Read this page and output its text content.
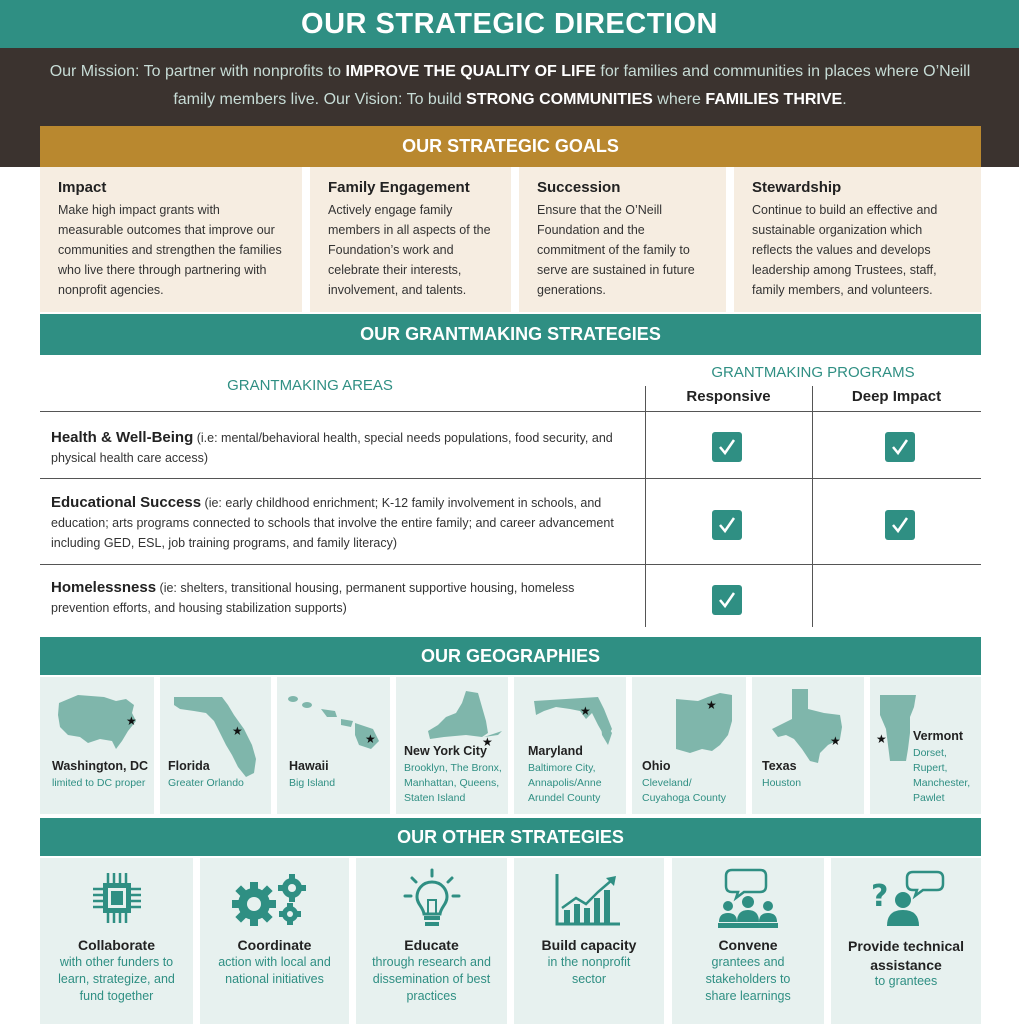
OUR STRATEGIC DIRECTION
Our Mission: To partner with nonprofits to IMPROVE THE QUALITY OF LIFE for families and communities in places where O’Neill family members live. Our Vision: To build STRONG COMMUNITIES where FAMILIES THRIVE.
OUR STRATEGIC GOALS
Impact
Make high impact grants with measurable outcomes that improve our communities and strengthen the families who live there through partnering with nonprofit agencies.
Family Engagement
Actively engage family members in all aspects of the Foundation’s work and celebrate their interests, involvement, and talents.
Succession
Ensure that the O’Neill Foundation and the commitment of the family to serve are sustained in future generations.
Stewardship
Continue to build an effective and sustainable organization which reflects the values and develops leadership among Trustees, staff, family members, and volunteers.
OUR GRANTMAKING STRATEGIES
GRANTMAKING AREAS
GRANTMAKING PROGRAMS
Responsive	Deep Impact
Health & Well-Being (i.e: mental/behavioral health, special needs populations, food security, and physical health care access)
Educational Success (ie: early childhood enrichment; K-12 family involvement in schools, and education; arts programs connected to schools that involve the entire family; and career advancement including GED, ESL, job training programs, and family literacy)
Homelessness (ie: shelters, transitional housing, permanent supportive housing, homeless prevention efforts, and housing stabilization supports)
OUR GEOGRAPHIES
★
Washington, DC
limited to DC proper
★
Florida
Greater Orlando
★
Hawaii
Big Island
★
New York City
Brooklyn, The Bronx, Manhattan, Queens, Staten Island
★
Maryland
Baltimore City, Annapolis/Anne Arundel County
★
Ohio
Cleveland/ Cuyahoga County
★
Texas
Houston
★ Vermont
Dorset, Rupert, Manchester, Pawlet
OUR OTHER STRATEGIES
Collaborate
with other funders to learn, strategize, and fund together
Coordinate
action with local and national initiatives
Educate
through research and dissemination of best practices
Build capacity
in the nonprofit sector
Convene
grantees and stakeholders to share learnings
?
Provide technical assistance
to grantees
